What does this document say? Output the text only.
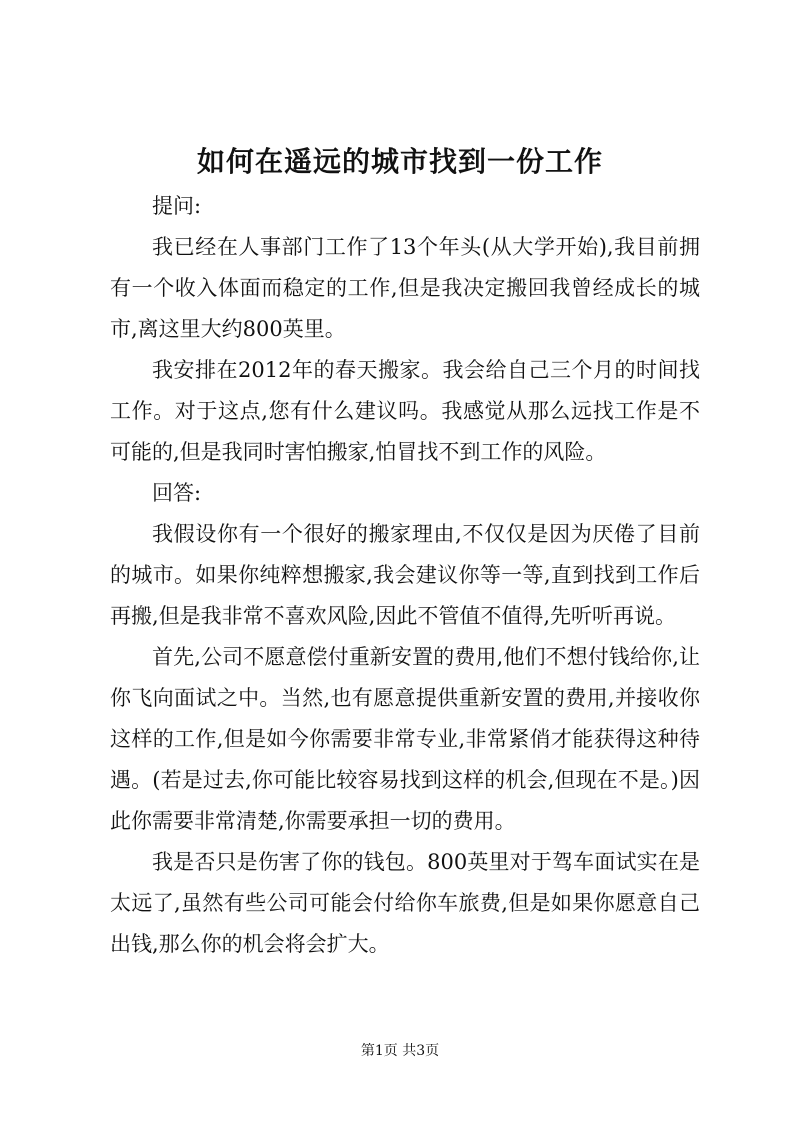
如何在遥远的城市找到一份工作

提问:

我已经在人事部门工作了13个年头(从大学开始),我目前拥有一个收入体面而稳定的工作,但是我决定搬回我曾经成长的城市,离这里大约800英里。

我安排在2012年的春天搬家。我会给自己三个月的时间找工作。对于这点,您有什么建议吗。我感觉从那么远找工作是不可能的,但是我同时害怕搬家,怕冒找不到工作的风险。

回答:

我假设你有一个很好的搬家理由,不仅仅是因为厌倦了目前的城市。如果你纯粹想搬家,我会建议你等一等,直到找到工作后再搬,但是我非常不喜欢风险,因此不管值不值得,先听听再说。

首先,公司不愿意偿付重新安置的费用,他们不想付钱给你,让你飞向面试之中。当然,也有愿意提供重新安置的费用,并接收你这样的工作,但是如今你需要非常专业,非常紧俏才能获得这种待遇。(若是过去,你可能比较容易找到这样的机会,但现在不是。)因此你需要非常清楚,你需要承担一切的费用。

我是否只是伤害了你的钱包。800英里对于驾车面试实在是太远了,虽然有些公司可能会付给你车旅费,但是如果你愿意自己出钱,那么你的机会将会扩大。

第1页 共3页
